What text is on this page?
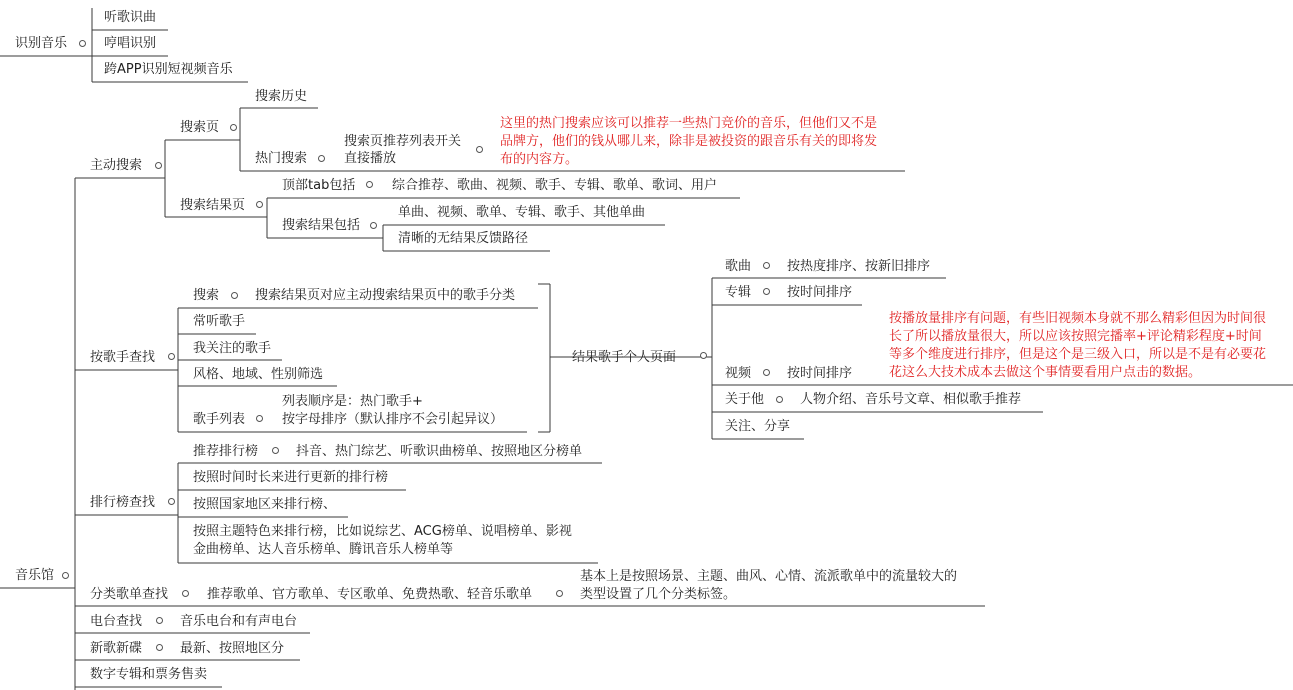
识别音乐
听歌识曲
哼唱识别
跨APP识别短视频音乐
音乐馆
主动搜索
搜索页
搜索历史
热门搜索
搜索页推荐列表开关
直接播放
这里的热门搜索应该可以推荐一些热门竞价的音乐，但他们又不是
品牌方，他们的钱从哪儿来，除非是被投资的跟音乐有关的即将发
布的内容方。
搜索结果页
顶部tab包括	综合推荐、歌曲、视频、歌手、专辑、歌单、歌词、用户
搜索结果包括
单曲、视频、歌单、专辑、歌手、其他单曲
清晰的无结果反馈路径
按歌手查找
搜索	搜索结果页对应主动搜索结果页中的歌手分类
常听歌手
我关注的歌手
风格、地域、性别筛选
歌手列表
列表顺序是：热门歌手+
按字母排序（默认排序不会引起异议）
结果歌手个人页面
歌曲	按热度排序、按新旧排序
专辑	按时间排序
视频	按时间排序
按播放量排序有问题，有些旧视频本身就不那么精彩但因为时间很
长了所以播放量很大，所以应该按照完播率+评论精彩程度+时间
等多个维度进行排序，但是这个是三级入口，所以是不是有必要花
花这么大技术成本去做这个事情要看用户点击的数据。
关于他	人物介绍、音乐号文章、相似歌手推荐
关注、分享
排行榜查找
推荐排行榜	抖音、热门综艺、听歌识曲榜单、按照地区分榜单
按照时间时长来进行更新的排行榜
按照国家地区来排行榜、
按照主题特色来排行榜，比如说综艺、ACG榜单、说唱榜单、影视
金曲榜单、达人音乐榜单、腾讯音乐人榜单等
分类歌单查找	推荐歌单、官方歌单、专区歌单、免费热歌、轻音乐歌单
基本上是按照场景、主题、曲风、心情、流派歌单中的流量较大的
类型设置了几个分类标签。
电台查找	音乐电台和有声电台
新歌新碟	最新、按照地区分
数字专辑和票务售卖
